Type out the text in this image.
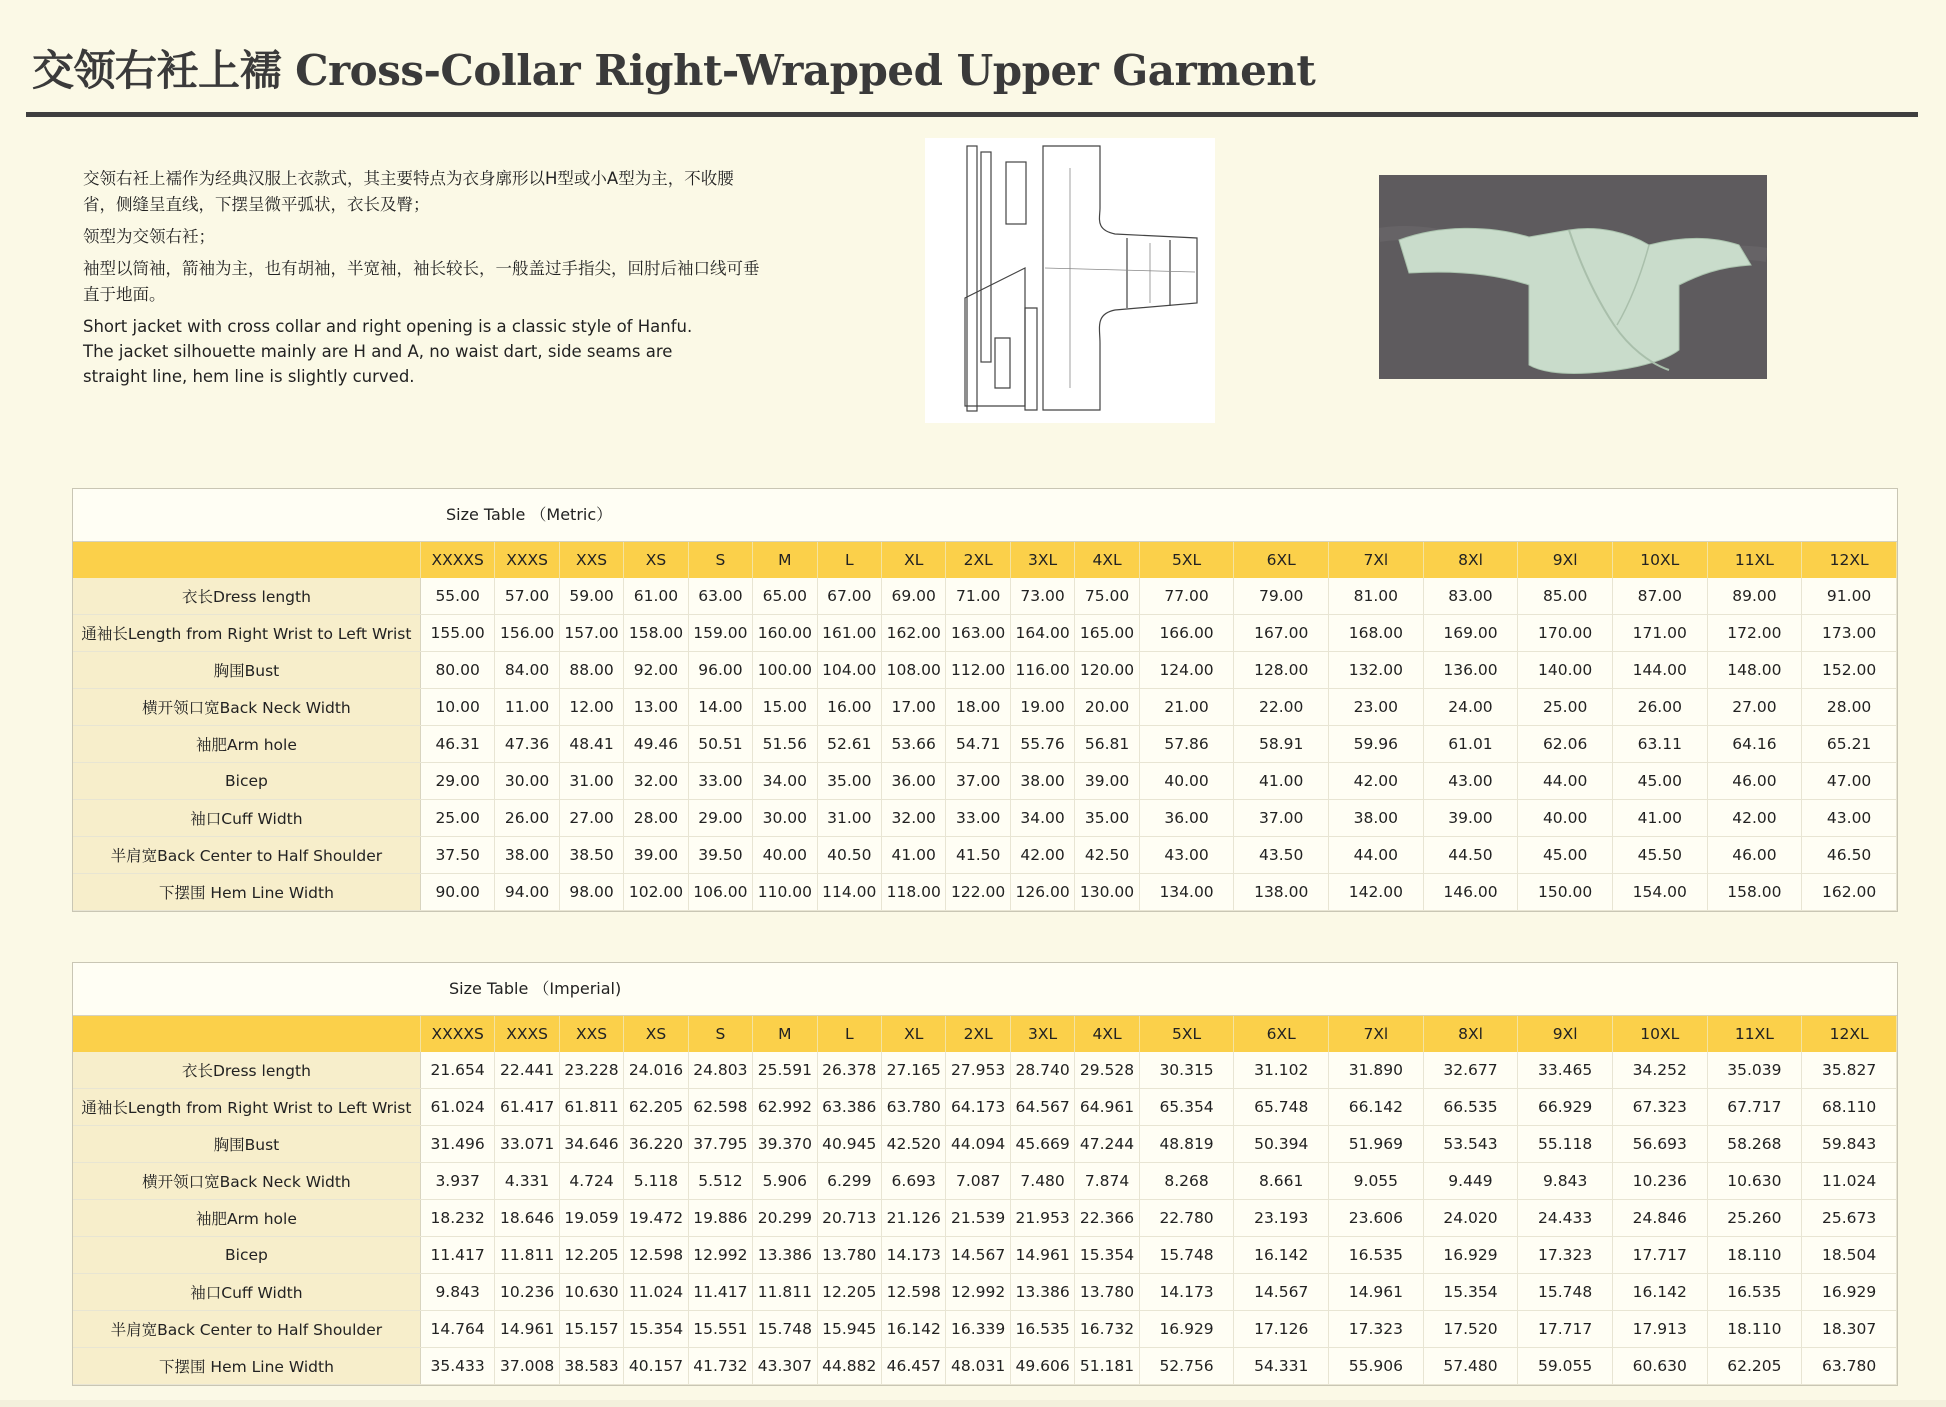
交领右衽上襦 Cross-Collar Right-Wrapped Upper Garment

交领右衽上襦作为经典汉服上衣款式，其主要特点为衣身廓形以H型或小A型为主，不收腰省，侧缝呈直线，下摆呈微平弧状，衣长及臀；

领型为交领右衽；

袖型以筒袖，箭袖为主，也有胡袖，半宽袖，袖长较长，一般盖过手指尖，回肘后袖口线可垂直于地面。

Short jacket with cross collar and right opening is a classic style of Hanfu. The jacket silhouette mainly are H and A, no waist dart, side seams are straight line, hem line is slightly curved.

Size Table （Metric）
	XXXXS	XXXS	XXS	XS	S	M	L	XL	2XL	3XL	4XL	5XL	6XL	7Xl	8Xl	9Xl	10XL	11XL	12XL
衣长Dress length	55.00	57.00	59.00	61.00	63.00	65.00	67.00	69.00	71.00	73.00	75.00	77.00	79.00	81.00	83.00	85.00	87.00	89.00	91.00
通袖长Length from Right Wrist to Left Wrist	155.00	156.00	157.00	158.00	159.00	160.00	161.00	162.00	163.00	164.00	165.00	166.00	167.00	168.00	169.00	170.00	171.00	172.00	173.00
胸围Bust	80.00	84.00	88.00	92.00	96.00	100.00	104.00	108.00	112.00	116.00	120.00	124.00	128.00	132.00	136.00	140.00	144.00	148.00	152.00
横开领口宽Back Neck Width	10.00	11.00	12.00	13.00	14.00	15.00	16.00	17.00	18.00	19.00	20.00	21.00	22.00	23.00	24.00	25.00	26.00	27.00	28.00
袖肥Arm hole	46.31	47.36	48.41	49.46	50.51	51.56	52.61	53.66	54.71	55.76	56.81	57.86	58.91	59.96	61.01	62.06	63.11	64.16	65.21
Bicep	29.00	30.00	31.00	32.00	33.00	34.00	35.00	36.00	37.00	38.00	39.00	40.00	41.00	42.00	43.00	44.00	45.00	46.00	47.00
袖口Cuff Width	25.00	26.00	27.00	28.00	29.00	30.00	31.00	32.00	33.00	34.00	35.00	36.00	37.00	38.00	39.00	40.00	41.00	42.00	43.00
半肩宽Back Center to Half Shoulder	37.50	38.00	38.50	39.00	39.50	40.00	40.50	41.00	41.50	42.00	42.50	43.00	43.50	44.00	44.50	45.00	45.50	46.00	46.50
下摆围 Hem Line Width	90.00	94.00	98.00	102.00	106.00	110.00	114.00	118.00	122.00	126.00	130.00	134.00	138.00	142.00	146.00	150.00	154.00	158.00	162.00
Size Table （Imperial)
	XXXXS	XXXS	XXS	XS	S	M	L	XL	2XL	3XL	4XL	5XL	6XL	7Xl	8Xl	9Xl	10XL	11XL	12XL
衣长Dress length	21.654	22.441	23.228	24.016	24.803	25.591	26.378	27.165	27.953	28.740	29.528	30.315	31.102	31.890	32.677	33.465	34.252	35.039	35.827
通袖长Length from Right Wrist to Left Wrist	61.024	61.417	61.811	62.205	62.598	62.992	63.386	63.780	64.173	64.567	64.961	65.354	65.748	66.142	66.535	66.929	67.323	67.717	68.110
胸围Bust	31.496	33.071	34.646	36.220	37.795	39.370	40.945	42.520	44.094	45.669	47.244	48.819	50.394	51.969	53.543	55.118	56.693	58.268	59.843
横开领口宽Back Neck Width	3.937	4.331	4.724	5.118	5.512	5.906	6.299	6.693	7.087	7.480	7.874	8.268	8.661	9.055	9.449	9.843	10.236	10.630	11.024
袖肥Arm hole	18.232	18.646	19.059	19.472	19.886	20.299	20.713	21.126	21.539	21.953	22.366	22.780	23.193	23.606	24.020	24.433	24.846	25.260	25.673
Bicep	11.417	11.811	12.205	12.598	12.992	13.386	13.780	14.173	14.567	14.961	15.354	15.748	16.142	16.535	16.929	17.323	17.717	18.110	18.504
袖口Cuff Width	9.843	10.236	10.630	11.024	11.417	11.811	12.205	12.598	12.992	13.386	13.780	14.173	14.567	14.961	15.354	15.748	16.142	16.535	16.929
半肩宽Back Center to Half Shoulder	14.764	14.961	15.157	15.354	15.551	15.748	15.945	16.142	16.339	16.535	16.732	16.929	17.126	17.323	17.520	17.717	17.913	18.110	18.307
下摆围 Hem Line Width	35.433	37.008	38.583	40.157	41.732	43.307	44.882	46.457	48.031	49.606	51.181	52.756	54.331	55.906	57.480	59.055	60.630	62.205	63.780
